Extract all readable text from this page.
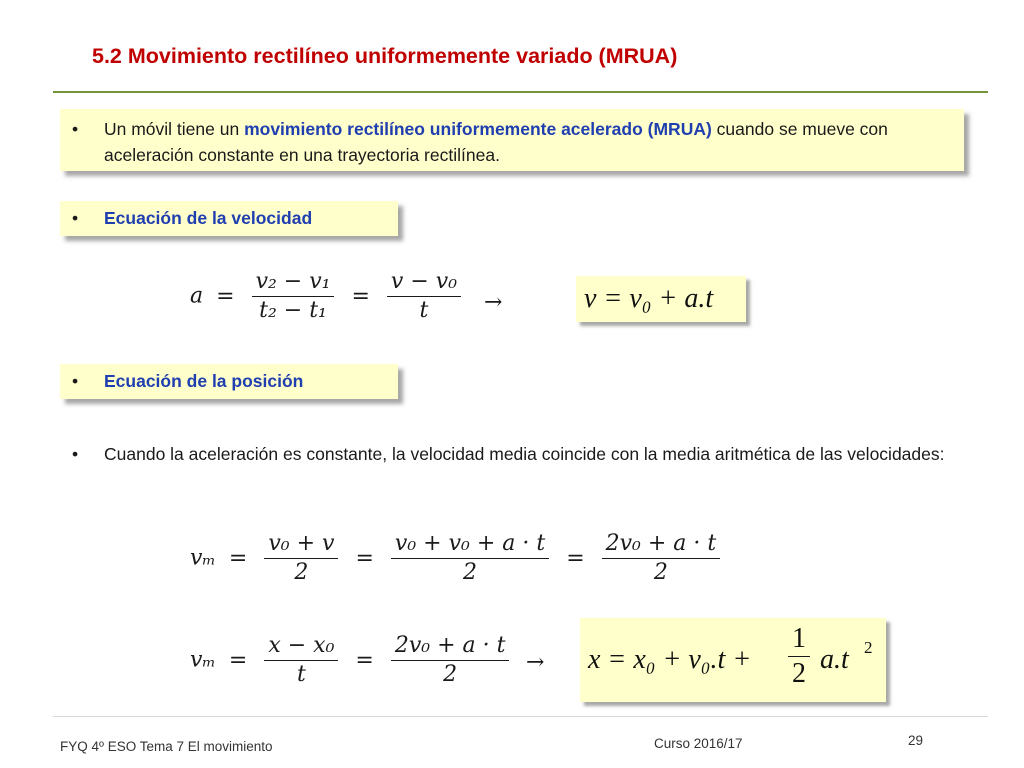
5.2 Movimiento rectilíneo uniformemente variado (MRUA)
• Un móvil tiene un movimiento rectilíneo uniformemente acelerado (MRUA) cuando se mueve con aceleración constante en una trayectoria rectilínea.
• Ecuación de la velocidad
$a = \frac{\text{v₂ − v₁}}{\text{t₂ − t₁}} = \frac{\text{v − v₀}}{t}$ →	v = v₀ + a.t
• Ecuación de la posición
• Cuando la aceleración es constante, la velocidad media coincide con la media aritmética de las velocidades:
$v_m = \frac{\text{v₀ + v}}{2} = \frac{\text{v₀ + v₀ + a · t}}{2} = \frac{\text{2v₀ + a · t}}{2}$
$v_m = \frac{\text{x − x₀}}{t} = \frac{\text{2v₀ + a · t}}{2} \to x = x_0 + v_0.t + \frac{1}{2} a.t$ 2
FYQ 4º ESO Tema 7 El movimiento	Curso 2016/17	29
